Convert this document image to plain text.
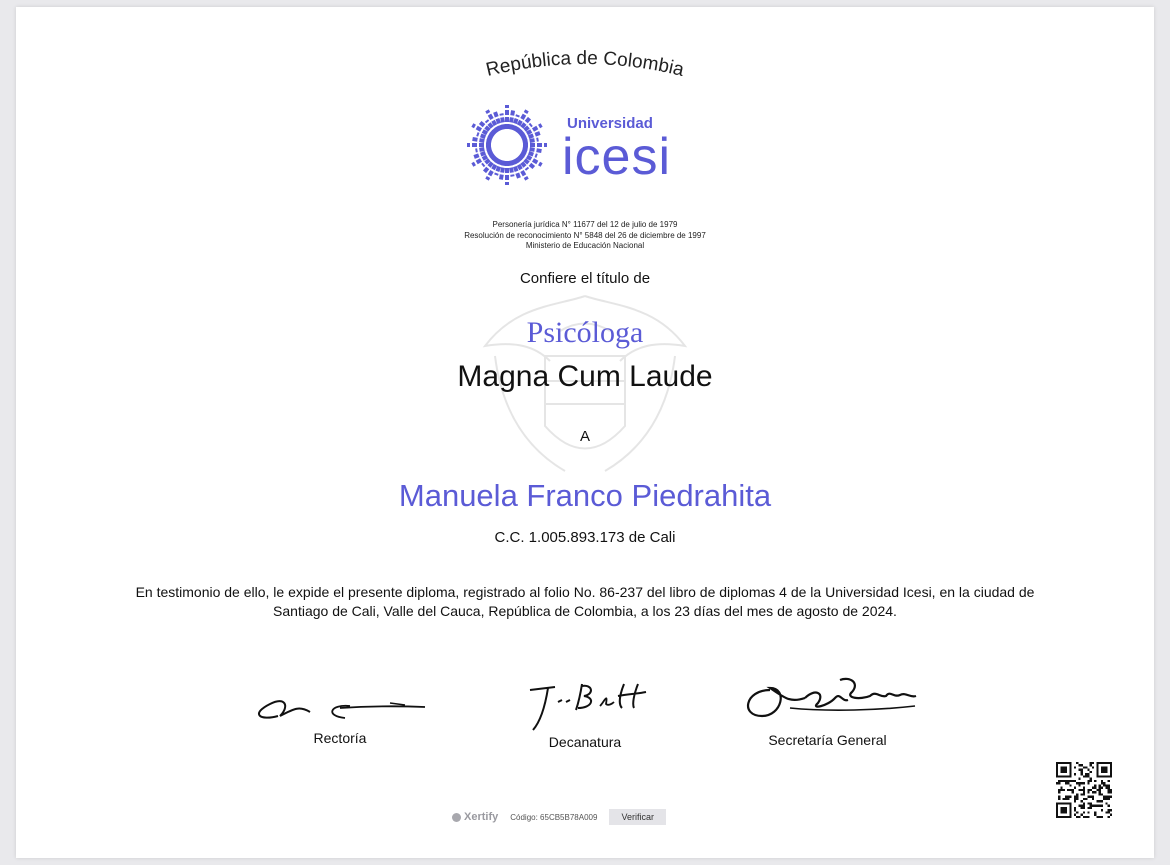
República de Colombia
Universidad
icesi
Personería jurídica N° 11677 del 12 de julio de 1979
Resolución de reconocimiento N° 5848 del 26 de diciembre de 1997
Ministerio de Educación Nacional
Confiere el título de
Psicóloga
Magna Cum Laude
A
Manuela Franco Piedrahita
C.C. 1.005.893.173 de Cali
En testimonio de ello, le expide el presente diploma, registrado al folio No. 86-237 del libro de diplomas 4 de la Universidad Icesi, en la ciudad de Santiago de Cali, Valle del Cauca, República de Colombia, a los 23 días del mes de agosto de 2024.
Rectoría	Decanatura	Secretaría General
Xertify Código: 65CB5B78A009	Verificar
